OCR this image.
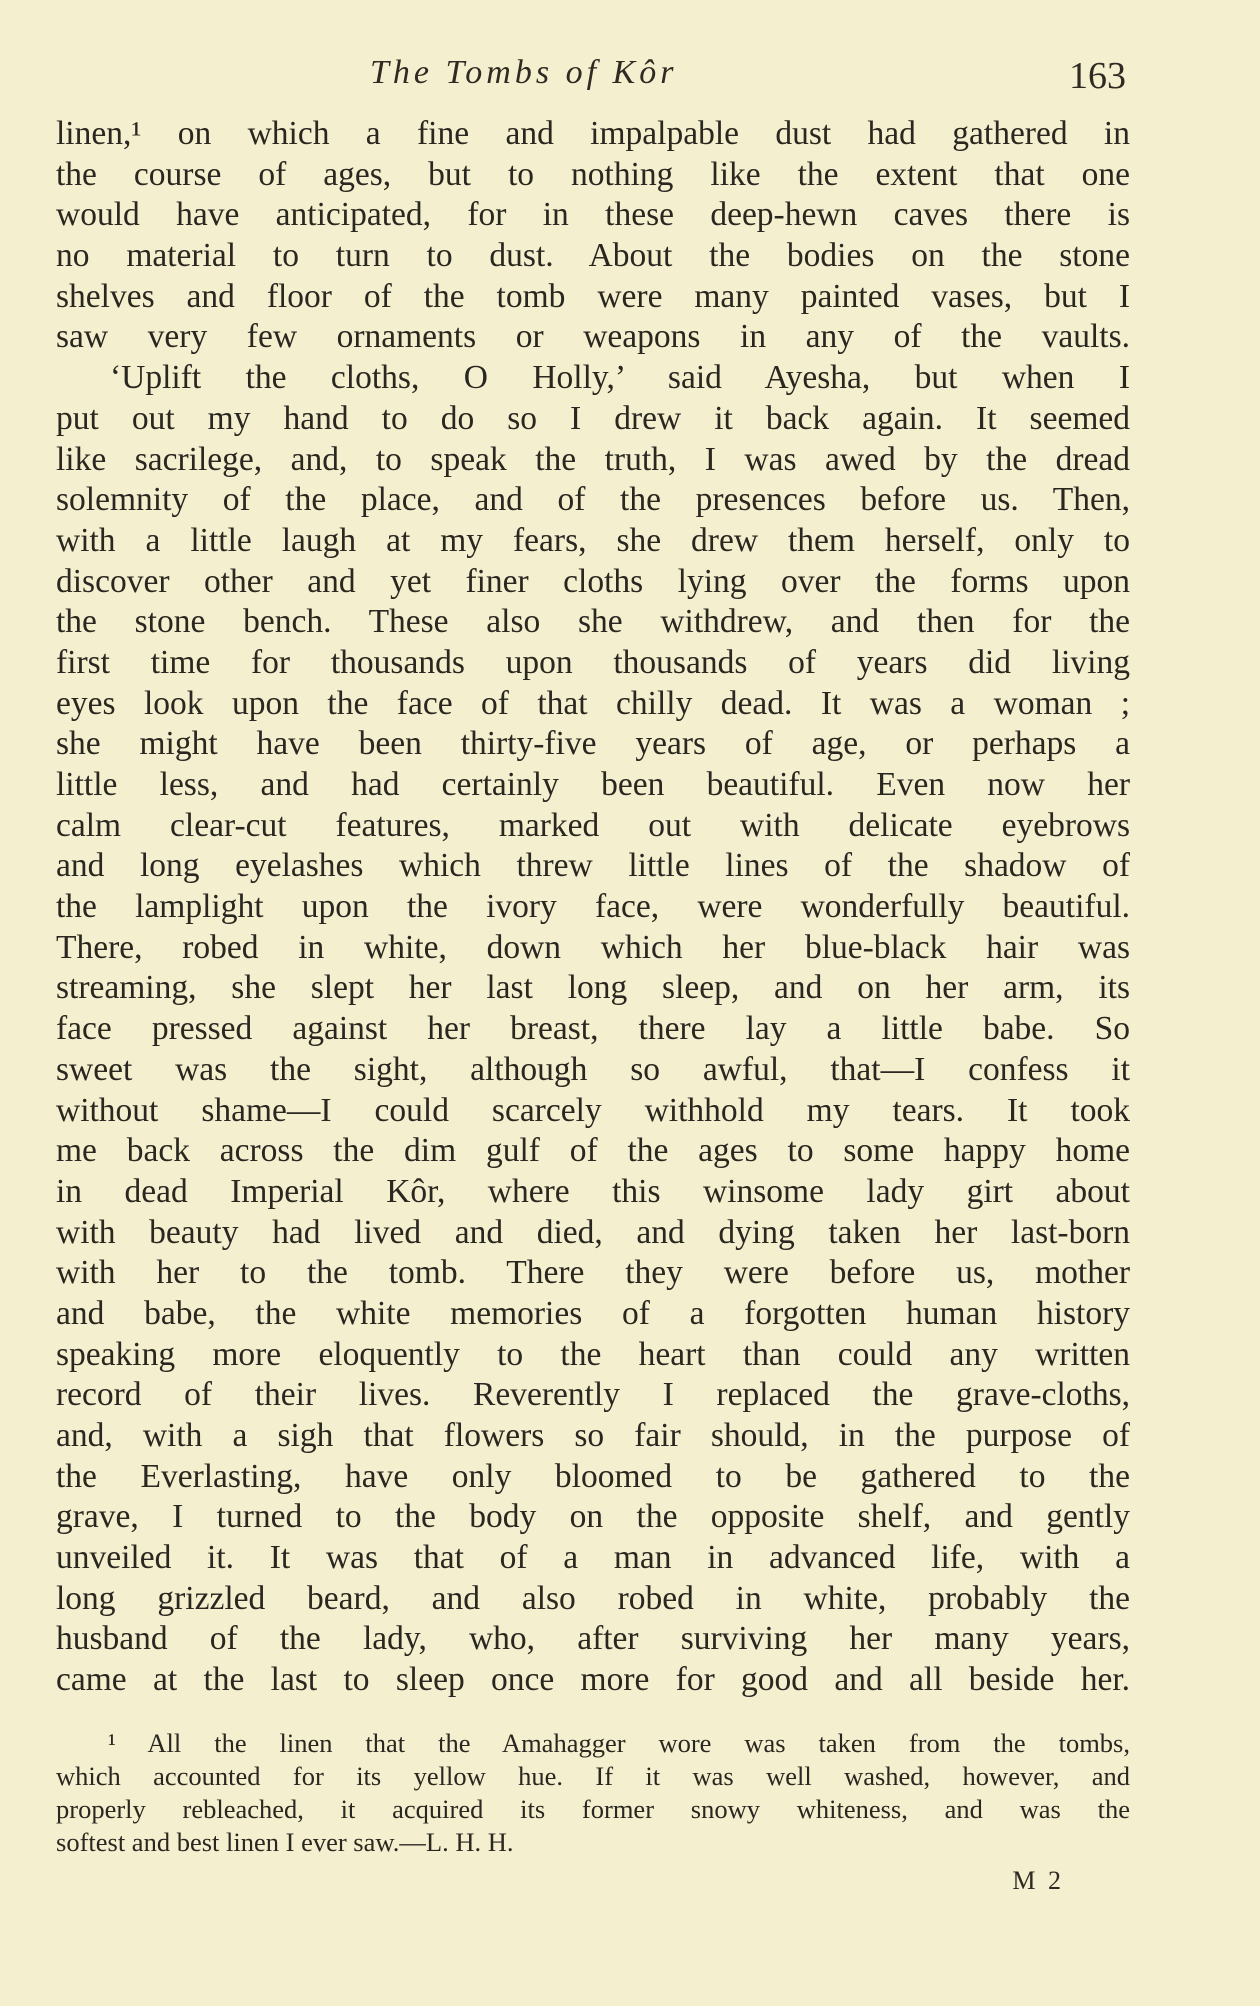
The Tombs of Kôr	163
linen,¹ on which a fine and impalpable dust had gathered in
the course of ages, but to nothing like the extent that one
would have anticipated, for in these deep-hewn caves there is
no material to turn to dust. About the bodies on the stone
shelves and floor of the tomb were many painted vases, but I
saw very few ornaments or weapons in any of the vaults.
‘Uplift the cloths, O Holly,’ said Ayesha, but when I
put out my hand to do so I drew it back again. It seemed
like sacrilege, and, to speak the truth, I was awed by the dread
solemnity of the place, and of the presences before us. Then,
with a little laugh at my fears, she drew them herself, only to
discover other and yet finer cloths lying over the forms upon
the stone bench. These also she withdrew, and then for the
first time for thousands upon thousands of years did living
eyes look upon the face of that chilly dead. It was a woman ;
she might have been thirty-five years of age, or perhaps a
little less, and had certainly been beautiful. Even now her
calm clear-cut features, marked out with delicate eyebrows
and long eyelashes which threw little lines of the shadow of
the lamplight upon the ivory face, were wonderfully beautiful.
There, robed in white, down which her blue-black hair was
streaming, she slept her last long sleep, and on her arm, its
face pressed against her breast, there lay a little babe. So
sweet was the sight, although so awful, that—I confess it
without shame—I could scarcely withhold my tears. It took
me back across the dim gulf of the ages to some happy home
in dead Imperial Kôr, where this winsome lady girt about
with beauty had lived and died, and dying taken her last-born
with her to the tomb. There they were before us, mother
and babe, the white memories of a forgotten human history
speaking more eloquently to the heart than could any written
record of their lives. Reverently I replaced the grave-cloths,
and, with a sigh that flowers so fair should, in the purpose of
the Everlasting, have only bloomed to be gathered to the
grave, I turned to the body on the opposite shelf, and gently
unveiled it. It was that of a man in advanced life, with a
long grizzled beard, and also robed in white, probably the
husband of the lady, who, after surviving her many years,
came at the last to sleep once more for good and all beside her.
¹ All the linen that the Amahagger wore was taken from the tombs,
which accounted for its yellow hue. If it was well washed, however, and
properly rebleached, it acquired its former snowy whiteness, and was the
softest and best linen I ever saw.—L. H. H.
M 2
